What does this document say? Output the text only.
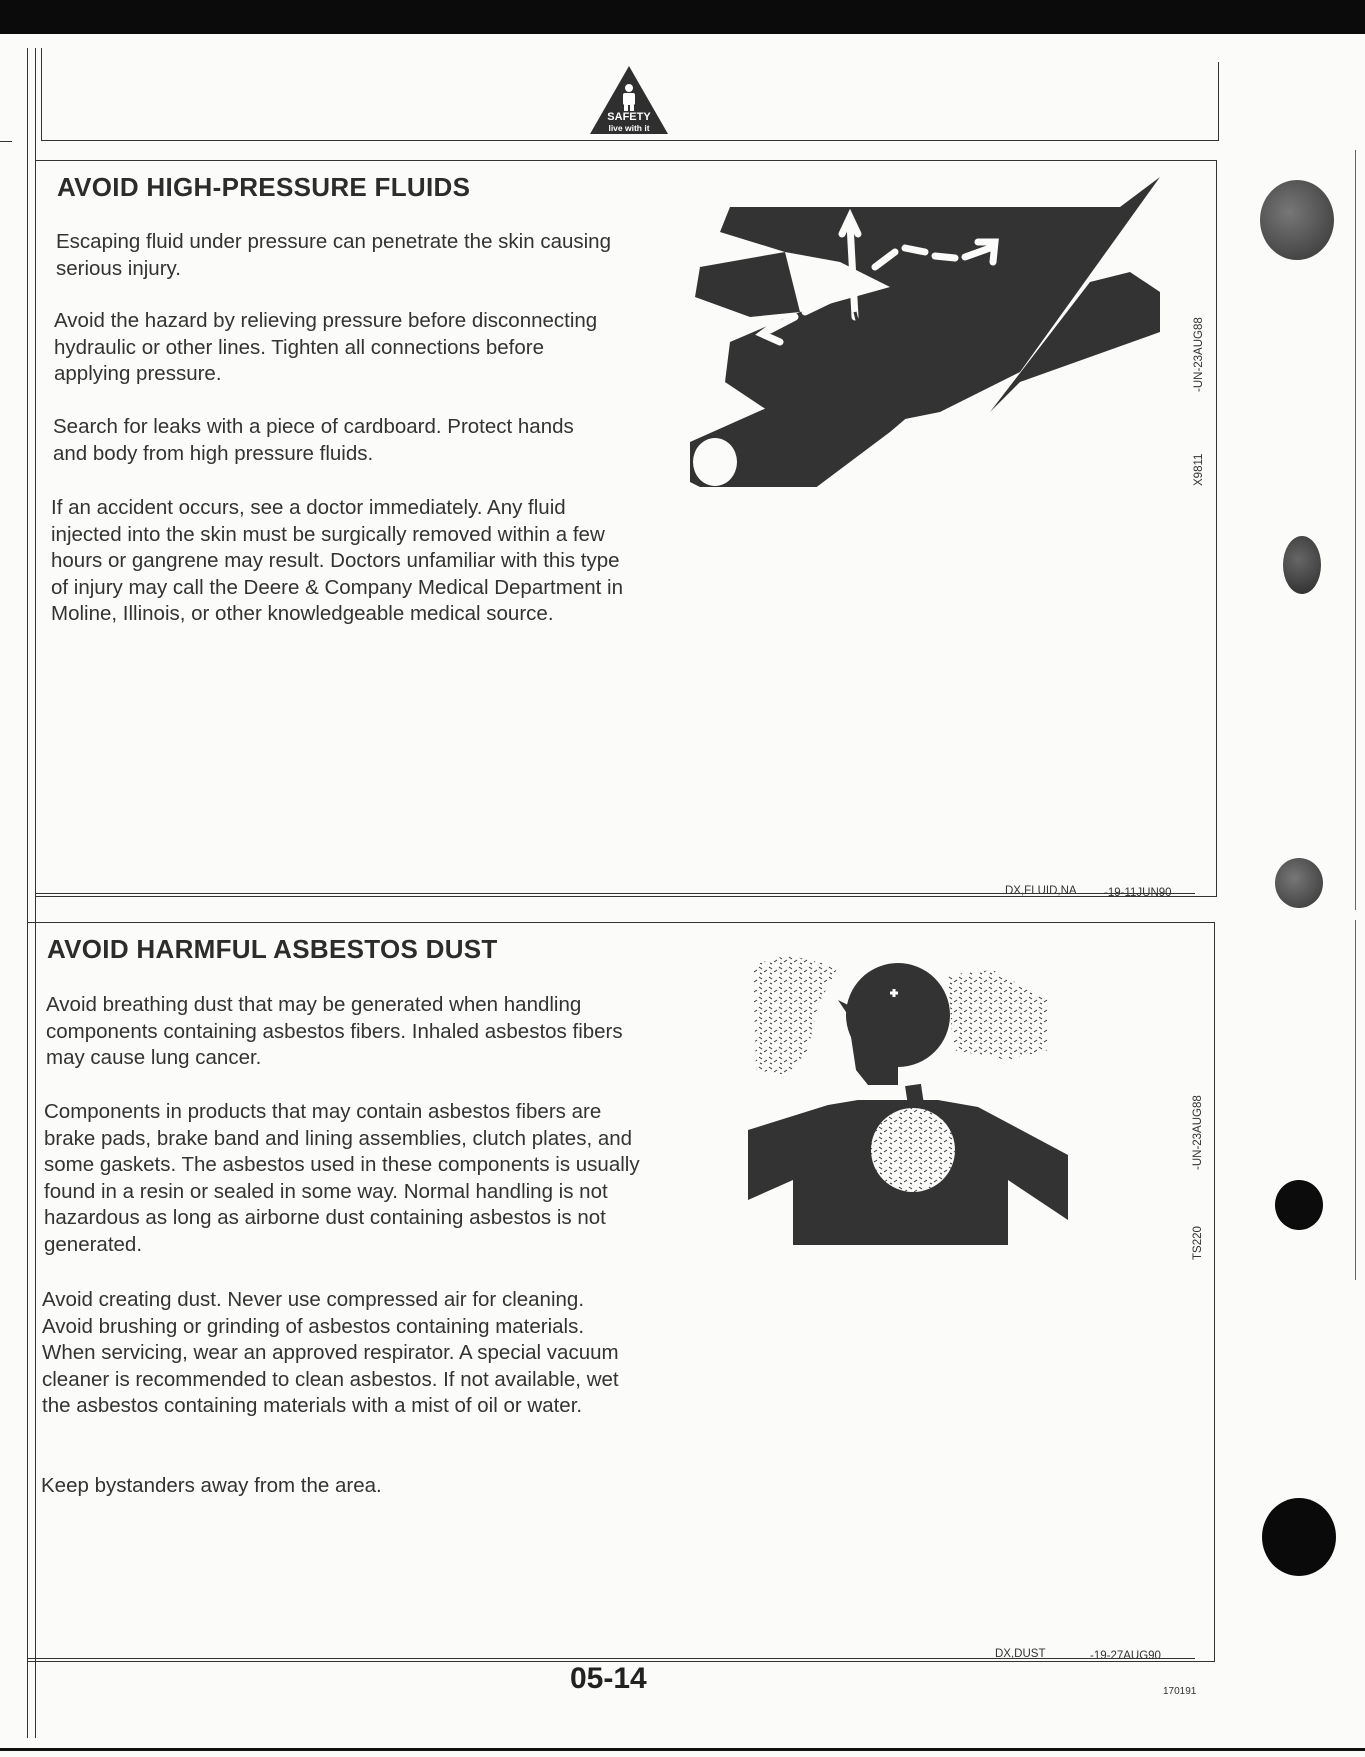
SAFETY
live with it
AVOID HIGH-PRESSURE FLUIDS

Escaping fluid under pressure can penetrate the skin causing serious injury.

Avoid the hazard by relieving pressure before disconnecting hydraulic or other lines. Tighten all connections before applying pressure.

Search for leaks with a piece of cardboard. Protect hands and body from high pressure fluids.

If an accident occurs, see a doctor immediately. Any fluid injected into the skin must be surgically removed within a few hours or gangrene may result. Doctors unfamiliar with this type of injury may call the Deere & Company Medical Department in Moline, Illinois, or other knowledgeable medical source.

-UN-23AUG88
X9811
DX,FLUID,NA -19-11JUN90
AVOID HARMFUL ASBESTOS DUST

Avoid breathing dust that may be generated when handling components containing asbestos fibers. Inhaled asbestos fibers may cause lung cancer.

Components in products that may contain asbestos fibers are brake pads, brake band and lining assemblies, clutch plates, and some gaskets. The asbestos used in these components is usually found in a resin or sealed in some way. Normal handling is not hazardous as long as airborne dust containing asbestos is not generated.

Avoid creating dust. Never use compressed air for cleaning. Avoid brushing or grinding of asbestos containing materials. When servicing, wear an approved respirator. A special vacuum cleaner is recommended to clean asbestos. If not available, wet the asbestos containing materials with a mist of oil or water.

Keep bystanders away from the area.

-UN-23AUG88
TS220
DX,DUST	-19-27AUG90
05-14	170191
